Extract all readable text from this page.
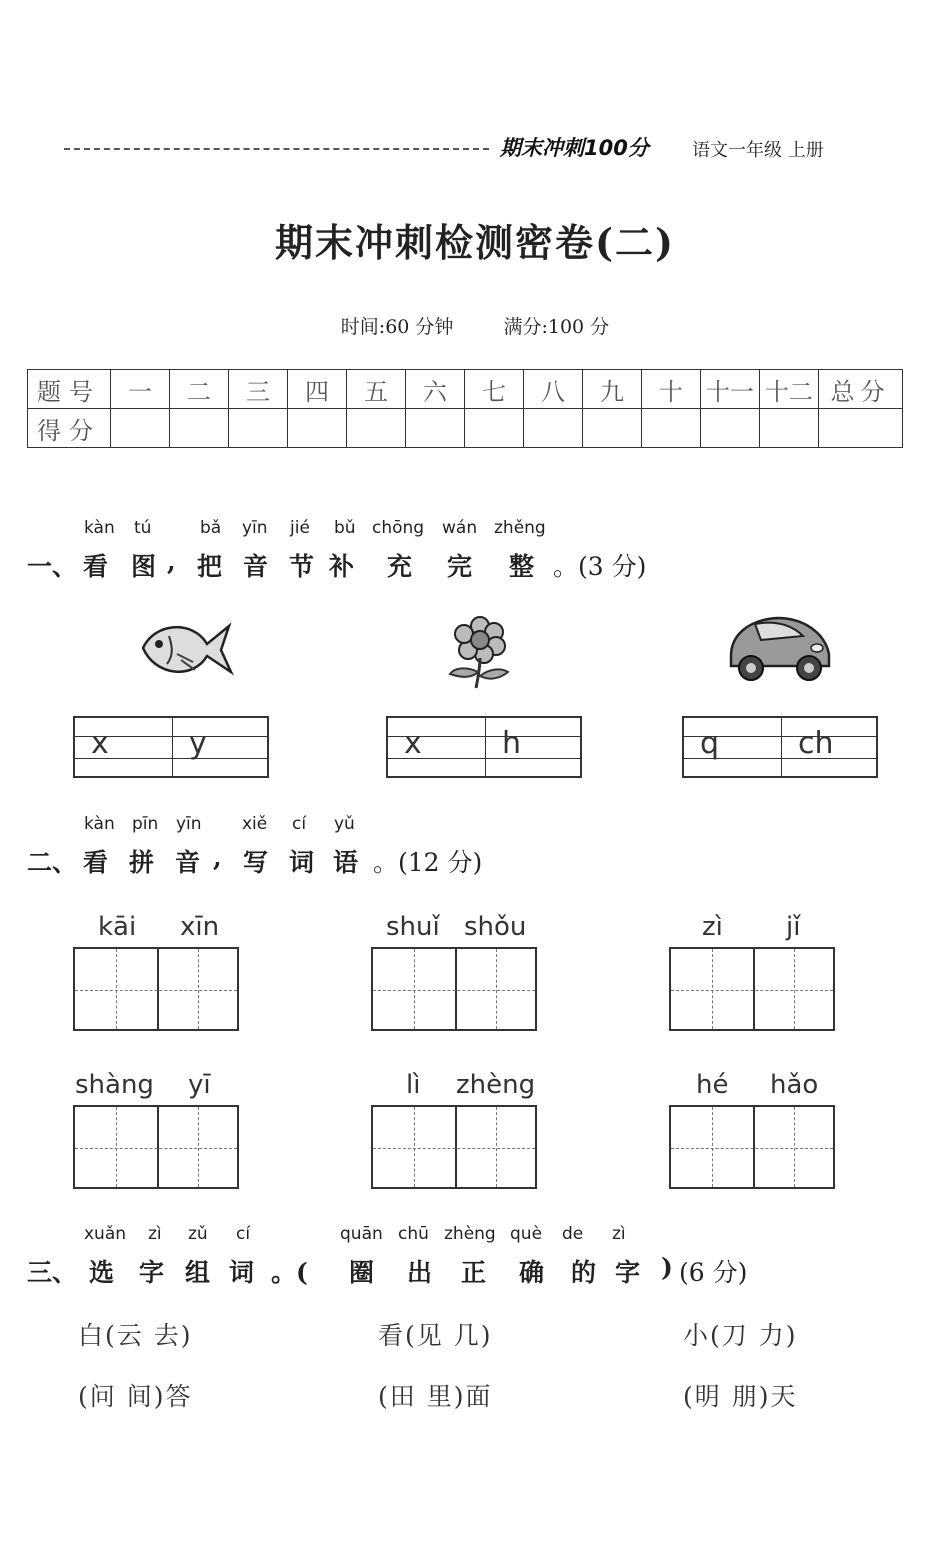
期末冲刺100分 语文一年级 上册
期末冲刺检测密卷(二)
时间:60 分钟	满分:100 分
题号	一	二	三	四	五	六	七	八	九	十	十一	十二	总分
得分													
kàn tú	bǎ yīn jié bǔ chōng wán zhěng
一、 看 图 , 把 音 节 补 充 完 整 。(3 分)
x	y	x	h	q	ch
kàn pīn yīn xiě cí yǔ
二、 看 拼 音 , 写 词 语 。(12 分)
kāi xīn	shuǐ shǒu	zì jǐ
shàng yī	lì zhèng	hé hǎo
xuǎn zì zǔ cí	quān chū zhèng què de zì
三、 选 字 组 词 。( 圈 出 正 确 的 字 ) (6 分)
白(云 去)	看(见 几)	小(刀 力)
(问 间)答	(田 里)面	(明 朋)天
